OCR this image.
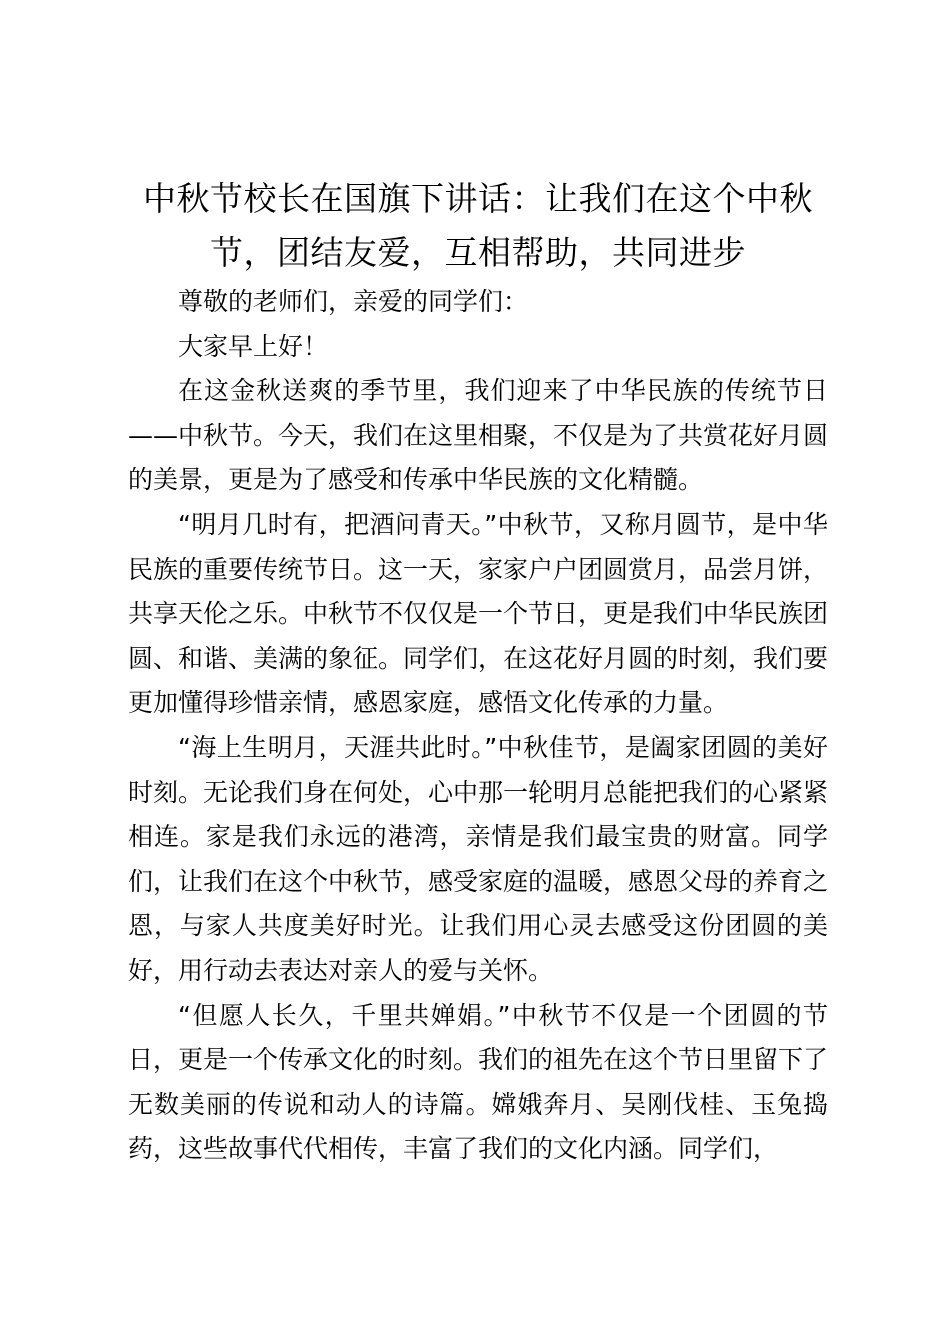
中秋节校长在国旗下讲话：让我们在这个中秋节，团结友爱，互相帮助，共同进步

尊敬的老师们，亲爱的同学们：

大家早上好！

在这金秋送爽的季节里，我们迎来了中华民族的传统节日——中秋节。今天，我们在这里相聚，不仅是为了共赏花好月圆的美景，更是为了感受和传承中华民族的文化精髓。

“明月几时有，把酒问青天。”中秋节，又称月圆节，是中华民族的重要传统节日。这一天，家家户户团圆赏月，品尝月饼，共享天伦之乐。中秋节不仅仅是一个节日，更是我们中华民族团圆、和谐、美满的象征。同学们，在这花好月圆的时刻，我们要更加懂得珍惜亲情，感恩家庭，感悟文化传承的力量。

“海上生明月，天涯共此时。”中秋佳节，是阖家团圆的美好时刻。无论我们身在何处，心中那一轮明月总能把我们的心紧紧相连。家是我们永远的港湾，亲情是我们最宝贵的财富。同学们，让我们在这个中秋节，感受家庭的温暖，感恩父母的养育之恩，与家人共度美好时光。让我们用心灵去感受这份团圆的美好，用行动去表达对亲人的爱与关怀。

“但愿人长久，千里共婵娟。”中秋节不仅是一个团圆的节日，更是一个传承文化的时刻。我们的祖先在这个节日里留下了无数美丽的传说和动人的诗篇。嫦娥奔月、吴刚伐桂、玉兔捣药，这些故事代代相传，丰富了我们的文化内涵。同学们，
